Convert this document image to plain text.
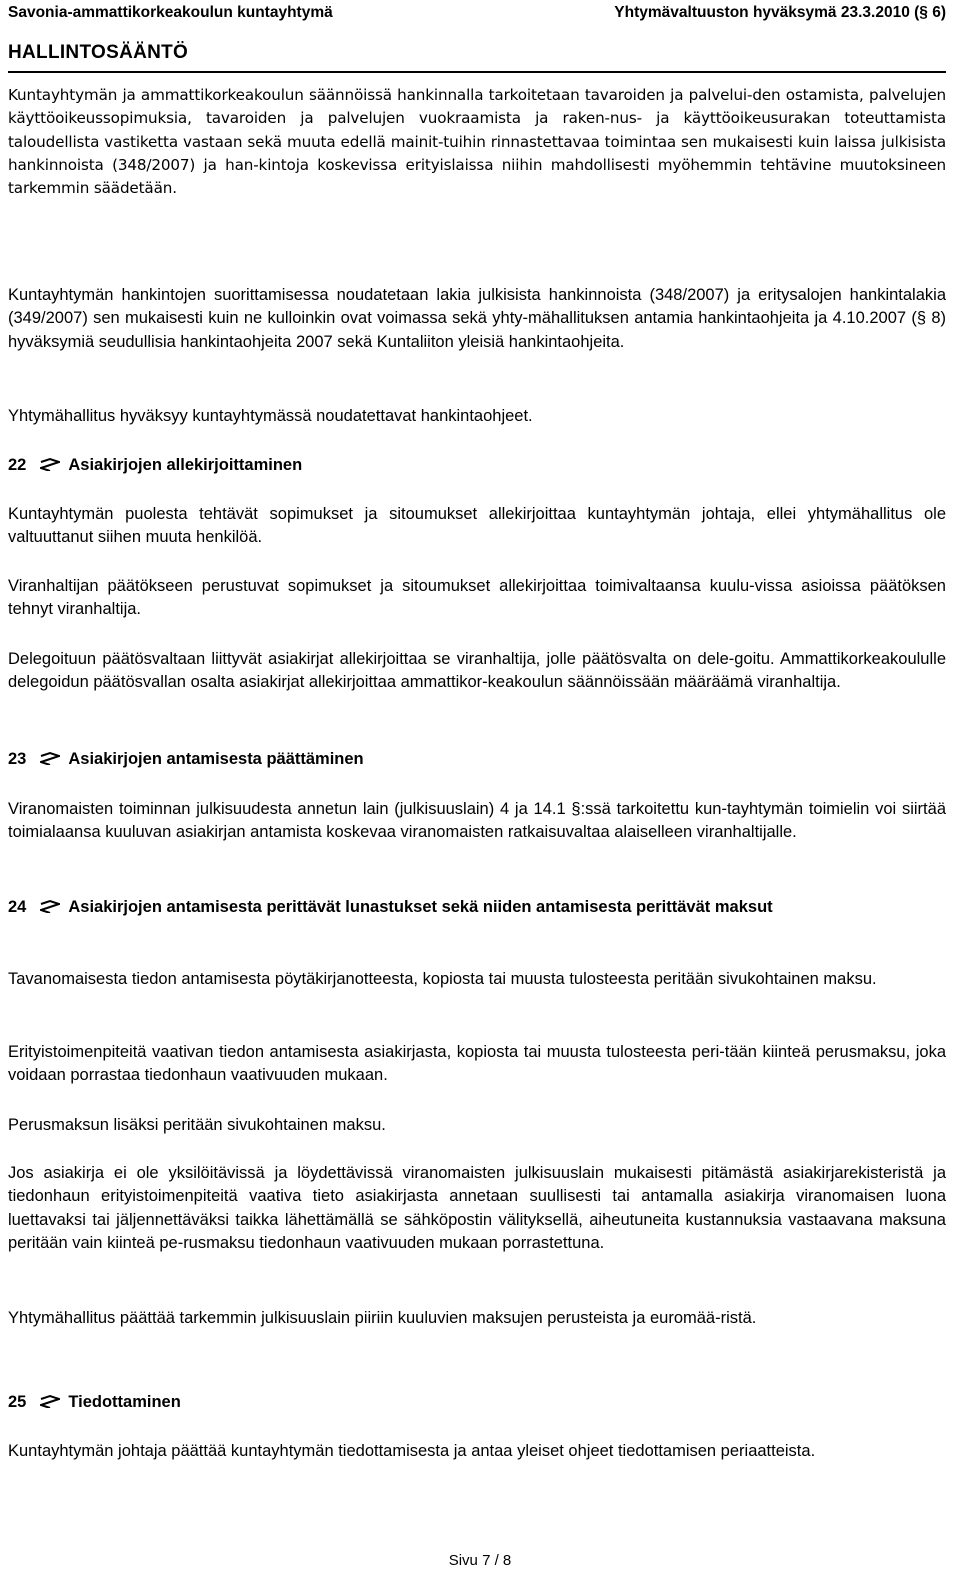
Savonia-ammattikorkeakoulun kuntayhtymä	Yhtymävaltuuston hyväksymä 23.3.2010 (§ 6)
HALLINTOSÄÄNTÖ
Kuntayhtymän ja ammattikorkeakoulun säännöissä hankinnalla tarkoitetaan tavaroiden ja palvelui-den ostamista, palvelujen käyttöoikeussopimuksia, tavaroiden ja palvelujen vuokraamista ja raken-nus- ja käyttöoikeusurakan toteuttamista taloudellista vastiketta vastaan sekä muuta edellä mainit-tuihin rinnastettavaa toimintaa sen mukaisesti kuin laissa julkisista hankinnoista (348/2007) ja han-kintoja koskevissa erityislaissa niihin mahdollisesti myöhemmin tehtävine muutoksineen tarkemmin säädetään.
Kuntayhtymän hankintojen suorittamisessa noudatetaan lakia julkisista hankinnoista (348/2007) ja eritysalojen hankintalakia (349/2007) sen mukaisesti kuin ne kulloinkin ovat voimassa sekä yhty-mähallituksen antamia hankintaohjeita ja 4.10.2007 (§ 8) hyväksymiä seudullisia hankintaohjeita 2007 sekä Kuntaliiton yleisiä hankintaohjeita.
Yhtymähallitus hyväksyy kuntayhtymässä noudatettavat hankintaohjeet.
22	Asiakirjojen allekirjoittaminen
Kuntayhtymän puolesta tehtävät sopimukset ja sitoumukset allekirjoittaa kuntayhtymän johtaja, ellei yhtymähallitus ole valtuuttanut siihen muuta henkilöä.
Viranhaltijan päätökseen perustuvat sopimukset ja sitoumukset allekirjoittaa toimivaltaansa kuulu-vissa asioissa päätöksen tehnyt viranhaltija.
Delegoituun päätösvaltaan liittyvät asiakirjat allekirjoittaa se viranhaltija, jolle päätösvalta on dele-goitu. Ammattikorkeakoululle delegoidun päätösvallan osalta asiakirjat allekirjoittaa ammattikor-keakoulun säännöissään määräämä viranhaltija.
23	Asiakirjojen antamisesta päättäminen
Viranomaisten toiminnan julkisuudesta annetun lain (julkisuuslain) 4 ja 14.1 §:ssä tarkoitettu kun-tayhtymän toimielin voi siirtää toimialaansa kuuluvan asiakirjan antamista koskevaa viranomaisten ratkaisuvaltaa alaiselleen viranhaltijalle.
24	Asiakirjojen antamisesta perittävät lunastukset sekä niiden antamisesta perittävät maksut
Tavanomaisesta tiedon antamisesta pöytäkirjanotteesta, kopiosta tai muusta tulosteesta peritään sivukohtainen maksu.
Erityistoimenpiteitä vaativan tiedon antamisesta asiakirjasta, kopiosta tai muusta tulosteesta peri-tään kiinteä perusmaksu, joka voidaan porrastaa tiedonhaun vaativuuden mukaan.
Perusmaksun lisäksi peritään sivukohtainen maksu.
Jos asiakirja ei ole yksilöitävissä ja löydettävissä viranomaisten julkisuuslain mukaisesti pitämästä asiakirjarekisteristä ja tiedonhaun erityistoimenpiteitä vaativa tieto asiakirjasta annetaan suullisesti tai antamalla asiakirja viranomaisen luona luettavaksi tai jäljennettäväksi taikka lähettämällä se sähköpostin välityksellä, aiheutuneita kustannuksia vastaavana maksuna peritään vain kiinteä pe-rusmaksu tiedonhaun vaativuuden mukaan porrastettuna.
Yhtymähallitus päättää tarkemmin julkisuuslain piiriin kuuluvien maksujen perusteista ja euromää-ristä.
25	Tiedottaminen
Kuntayhtymän johtaja päättää kuntayhtymän tiedottamisesta ja antaa yleiset ohjeet tiedottamisen periaatteista.
Sivu 7 / 8
